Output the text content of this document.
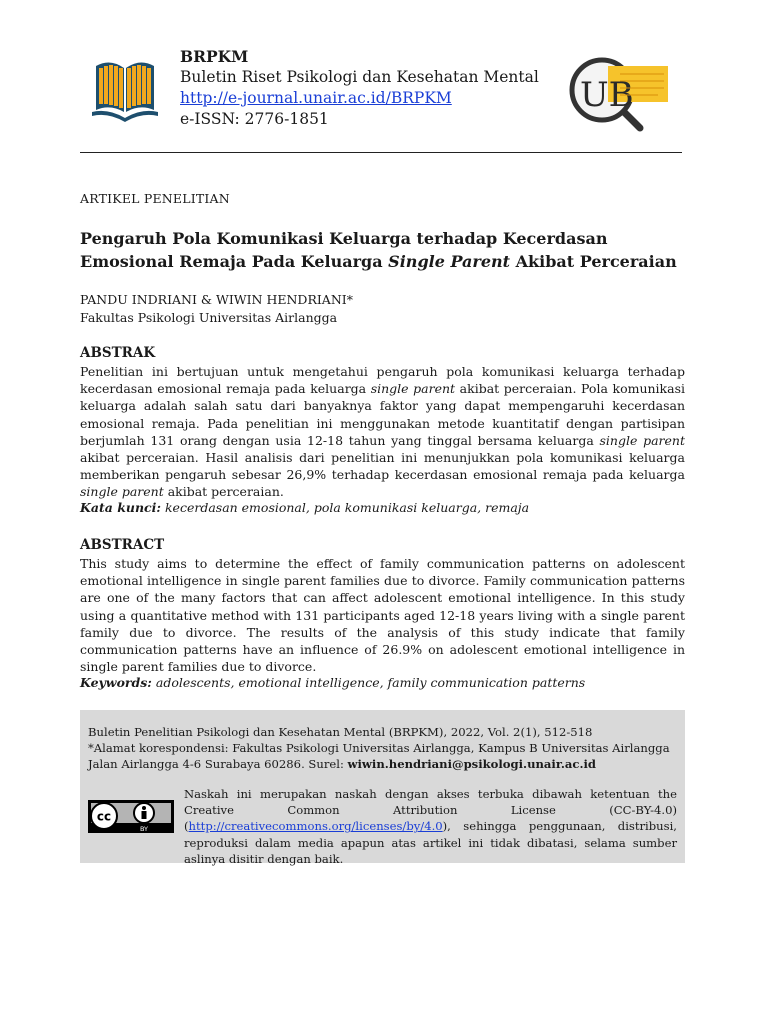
BRPKM
Buletin Riset Psikologi dan Kesehatan Mental
http://e-journal.unair.ac.id/BRPKM
e-ISSN: 2776-1851
UB
ARTIKEL PENELITIAN
Pengaruh Pola Komunikasi Keluarga terhadap Kecerdasan Emosional Remaja Pada Keluarga Single Parent Akibat Perceraian
PANDU INDRIANI & WIWIN HENDRIANI*
Fakultas Psikologi Universitas Airlangga
ABSTRAK
Penelitian ini bertujuan untuk mengetahui pengaruh pola komunikasi keluarga terhadap kecerdasan emosional remaja pada keluarga single parent akibat perceraian. Pola komunikasi keluarga adalah salah satu dari banyaknya faktor yang dapat mempengaruhi kecerdasan emosional remaja. Pada penelitian ini menggunakan metode kuantitatif dengan partisipan berjumlah 131 orang dengan usia 12-18 tahun yang tinggal bersama keluarga single parent akibat perceraian. Hasil analisis dari penelitian ini menunjukkan pola komunikasi keluarga memberikan pengaruh sebesar 26,9% terhadap kecerdasan emosional remaja pada keluarga single parent akibat perceraian.
Kata kunci: kecerdasan emosional, pola komunikasi keluarga, remaja
ABSTRACT
This study aims to determine the effect of family communication patterns on adolescent emotional intelligence in single parent families due to divorce. Family communication patterns are one of the many factors that can affect adolescent emotional intelligence. In this study using a quantitative method with 131 participants aged 12-18 years living with a single parent family due to divorce. The results of the analysis of this study indicate that family communication patterns have an influence of 26.9% on adolescent emotional intelligence in single parent families due to divorce.
Keywords: adolescents, emotional intelligence, family communication patterns
Buletin Penelitian Psikologi dan Kesehatan Mental (BRPKM), 2022, Vol. 2(1), 512-518
*Alamat korespondensi: Fakultas Psikologi Universitas Airlangga, Kampus B Universitas Airlangga Jalan Airlangga 4-6 Surabaya 60286. Surel: wiwin.hendriani@psikologi.unair.ac.id
cc
BY
Naskah ini merupakan naskah dengan akses terbuka dibawah ketentuan the Creative Common Attribution License (CC-BY-4.0) (http://creativecommons.org/licenses/by/4.0), sehingga penggunaan, distribusi, reproduksi dalam media apapun atas artikel ini tidak dibatasi, selama sumber aslinya disitir dengan baik.
